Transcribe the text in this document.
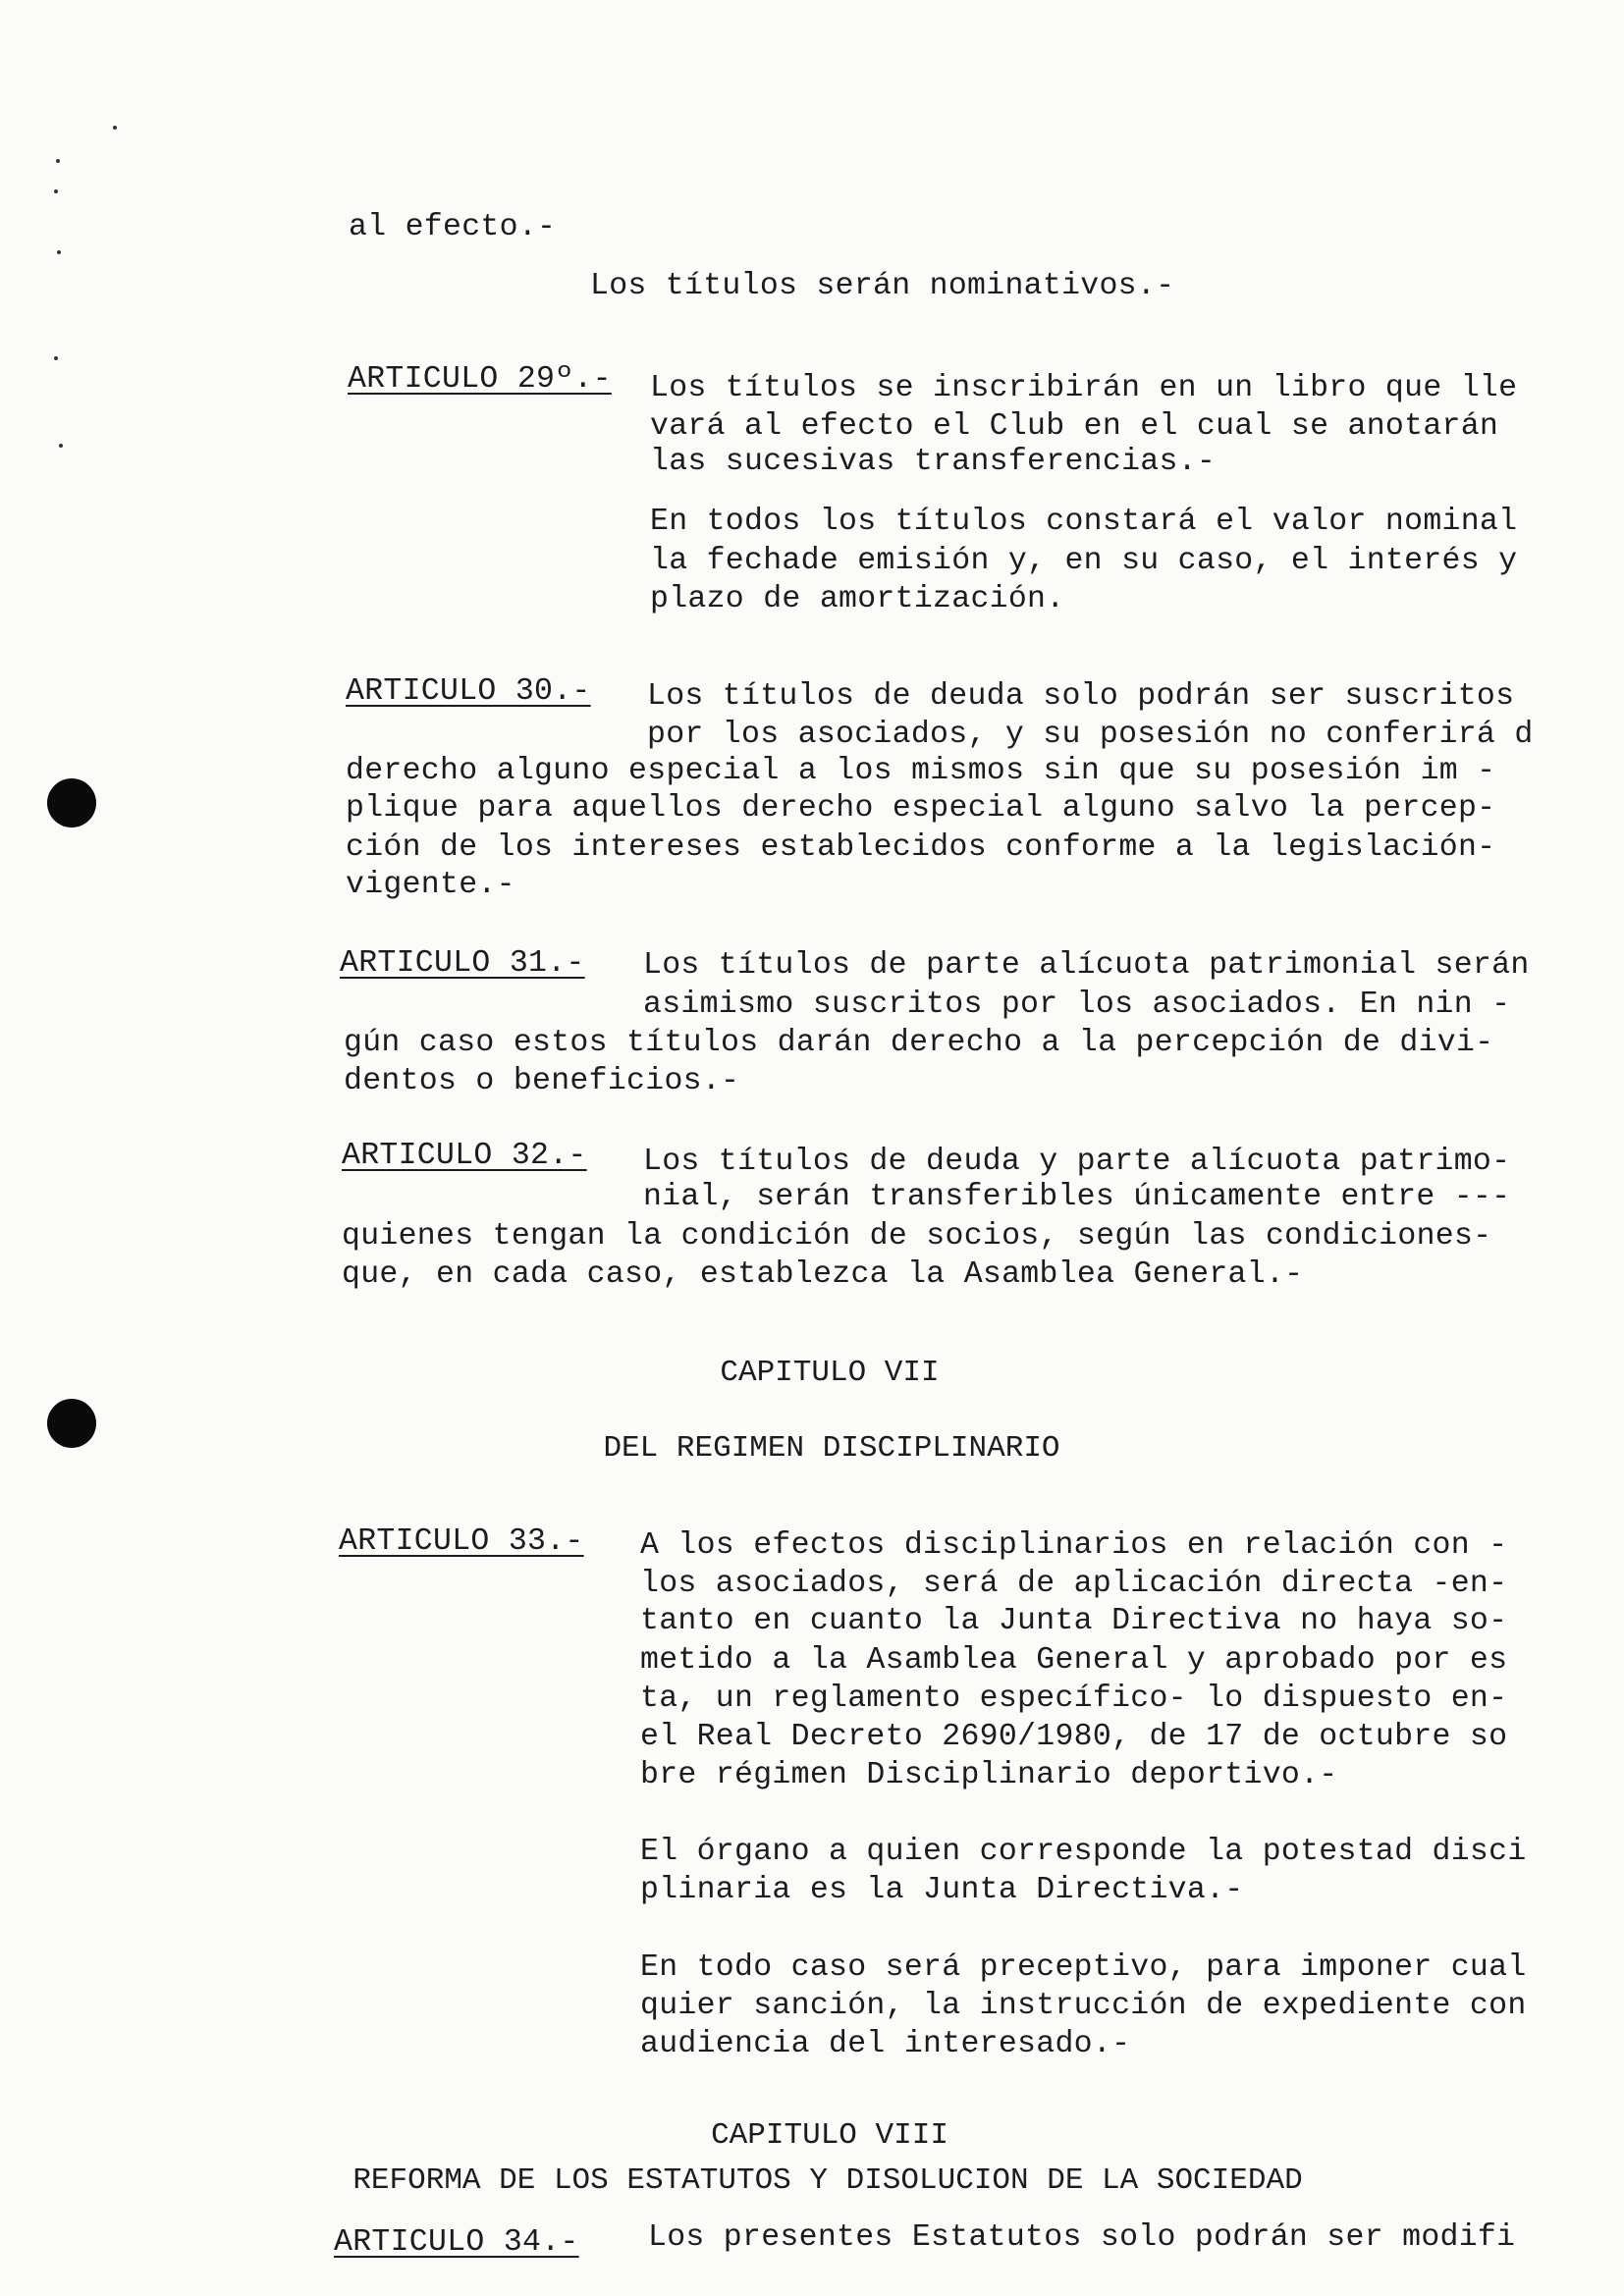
al efecto.-
Los títulos serán nominativos.-
ARTICULO 29º.- Los títulos se inscribirán en un libro que lle
vará al efecto el Club en el cual se anotarán
las sucesivas transferencias.-
En todos los títulos constará el valor nominal
la fechade emisión y, en su caso, el interés y
plazo de amortización.
ARTICULO 30.- Los títulos de deuda solo podrán ser suscritos
por los asociados, y su posesión no conferirá d
derecho alguno especial a los mismos sin que su posesión im -
plique para aquellos derecho especial alguno salvo la percep-
ción de los intereses establecidos conforme a la legislación-
vigente.-
ARTICULO 31.- Los títulos de parte alícuota patrimonial serán
asimismo suscritos por los asociados. En nin -
gún caso estos títulos darán derecho a la percepción de divi-
dentos o beneficios.-
ARTICULO 32.- Los títulos de deuda y parte alícuota patrimo-
nial, serán transferibles únicamente entre ---
quienes tengan la condición de socios, según las condiciones-
que, en cada caso, establezca la Asamblea General.-
CAPITULO VII
DEL REGIMEN DISCIPLINARIO
ARTICULO 33.- A los efectos disciplinarios en relación con -
los asociados, será de aplicación directa -en-
tanto en cuanto la Junta Directiva no haya so-
metido a la Asamblea General y aprobado por es
ta, un reglamento específico- lo dispuesto en-
el Real Decreto 2690/1980, de 17 de octubre so
bre régimen Disciplinario deportivo.-
El órgano a quien corresponde la potestad disci
plinaria es la Junta Directiva.-
En todo caso será preceptivo, para imponer cual
quier sanción, la instrucción de expediente con
audiencia del interesado.-
CAPITULO VIII
REFORMA DE LOS ESTATUTOS Y DISOLUCION DE LA SOCIEDAD
ARTICULO 34.- Los presentes Estatutos solo podrán ser modifi
